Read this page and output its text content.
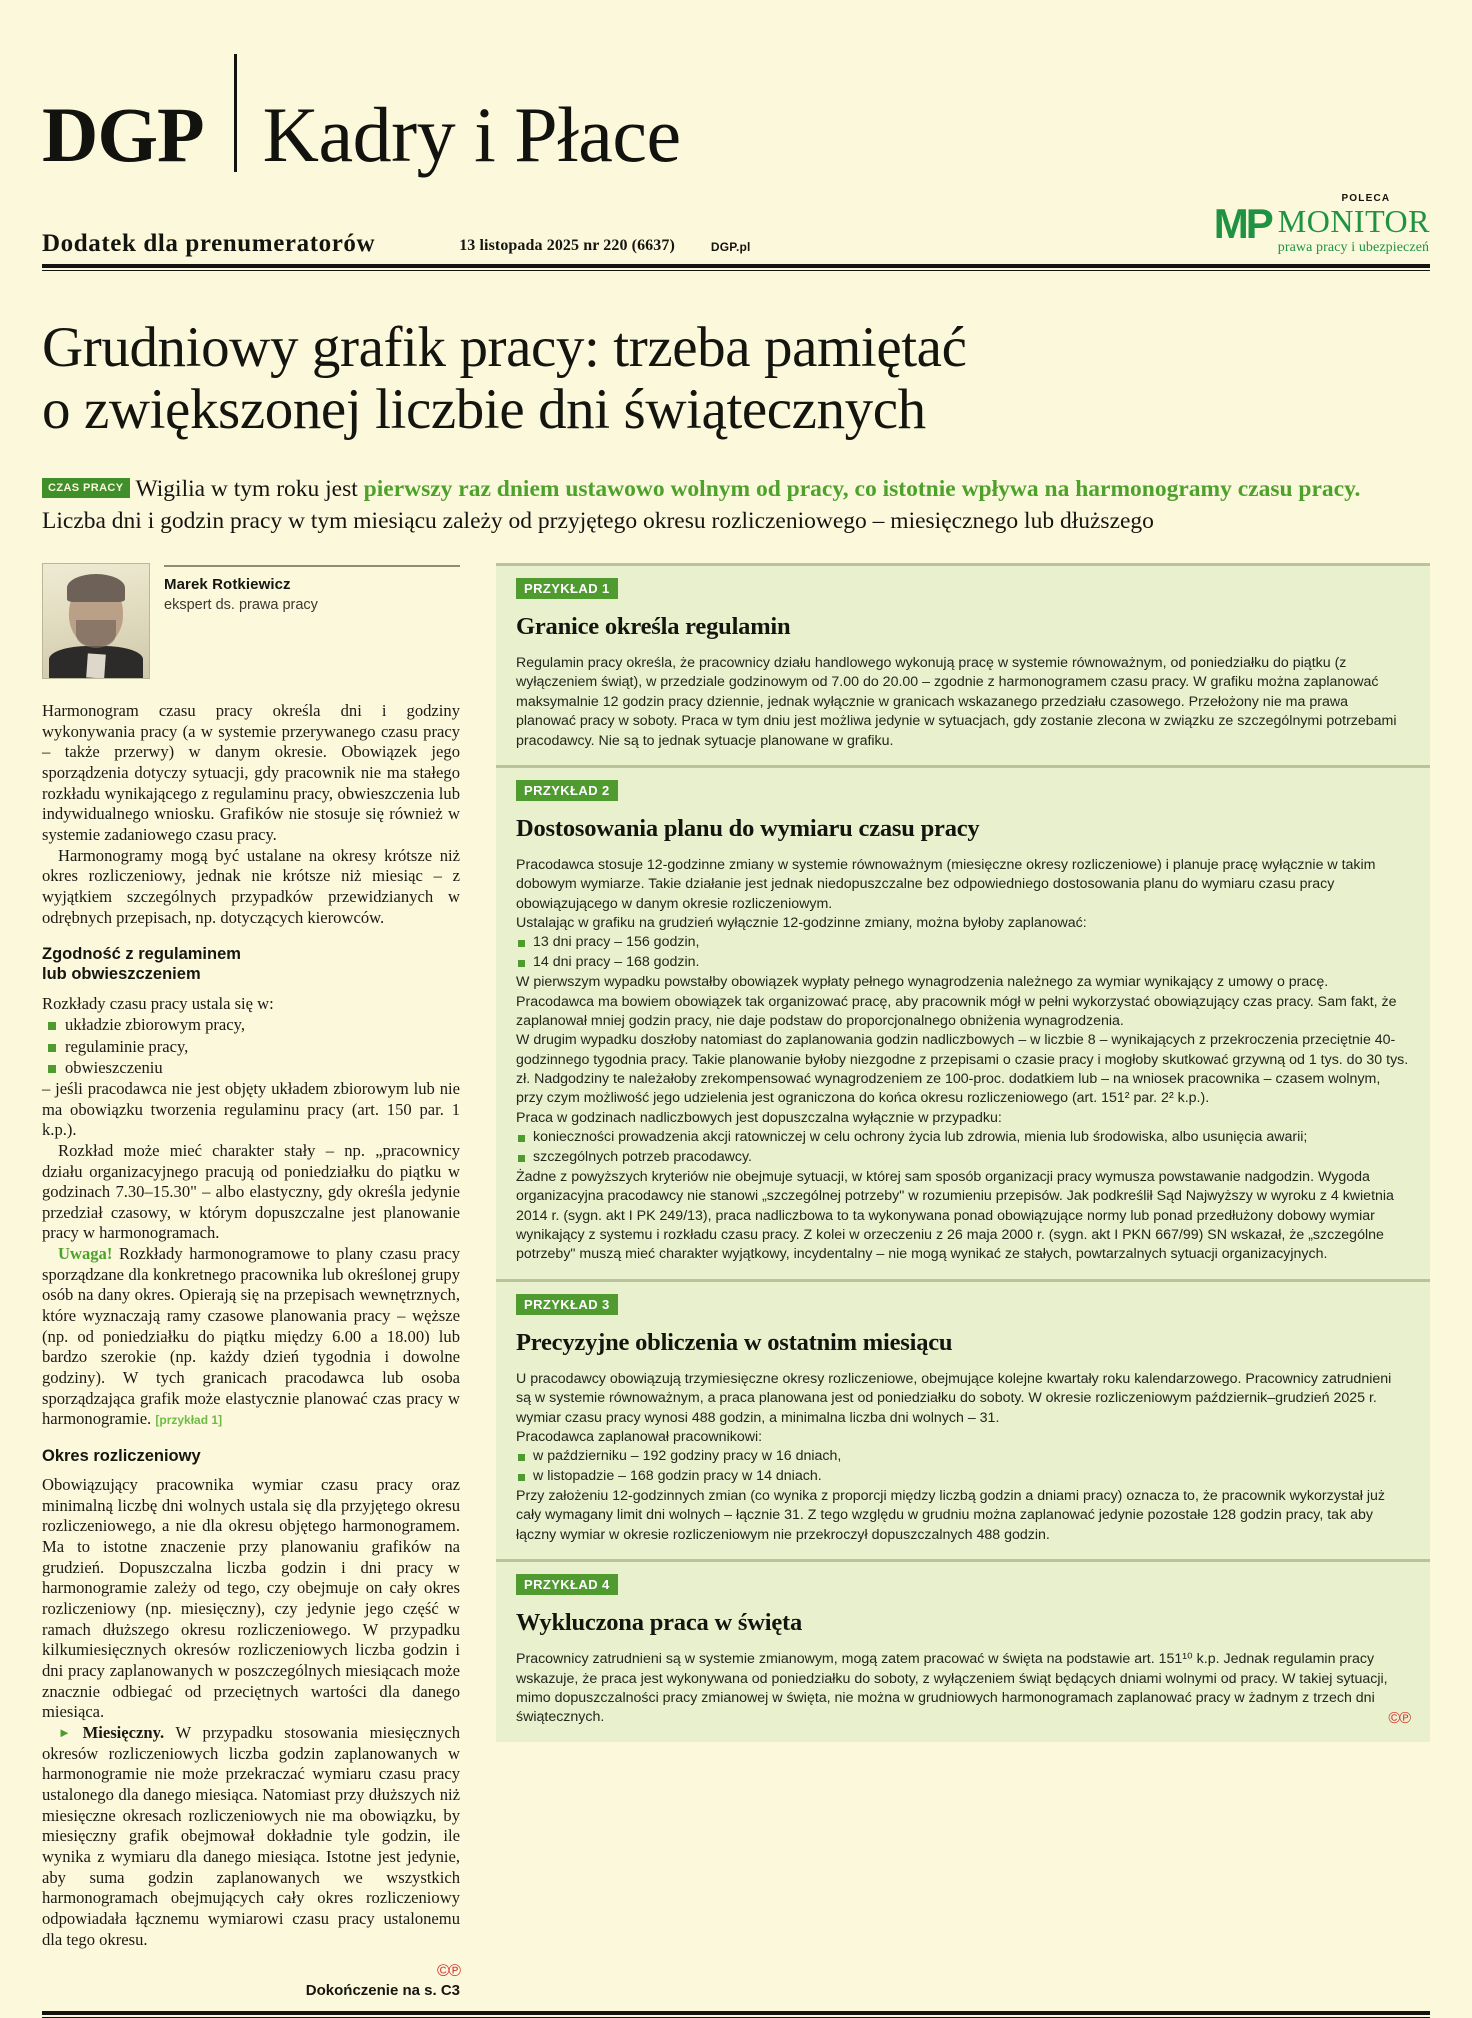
DGP Kadry i Płace
Dodatek dla prenumeratorów	13 listopada 2025 nr 220 (6637)	DGP.pl
POLECA
MP MONITOR
prawa pracy i ubezpieczeń
Grudniowy grafik pracy: trzeba pamiętać
o zwiększonej liczbie dni świątecznych
CZAS PRACY Wigilia w tym roku jest pierwszy raz dniem ustawowo wolnym od pracy, co istotnie wpływa na harmonogramy czasu pracy. Liczba dni i godzin pracy w tym miesiącu zależy od przyjętego okresu rozliczeniowego – miesięcznego lub dłuższego
Marek Rotkiewicz
ekspert ds. prawa pracy

Harmonogram czasu pracy określa dni i godziny wykonywania pracy (a w systemie przerywanego czasu pracy – także przerwy) w danym okresie. Obowiązek jego sporządzenia dotyczy sytuacji, gdy pracownik nie ma stałego rozkładu wynikającego z regulaminu pracy, obwieszczenia lub indywidualnego wniosku. Grafików nie stosuje się również w systemie zadaniowego czasu pracy.

Harmonogramy mogą być ustalane na okresy krótsze niż okres rozliczeniowy, jednak nie krótsze niż miesiąc – z wyjątkiem szczególnych przypadków przewidzianych w odrębnych przepisach, np. dotyczących kierowców.

Zgodność z regulaminem
lub obwieszczeniem

Rozkłady czasu pracy ustala się w:

układzie zbiorowym pracy,
regulaminie pracy,
obwieszczeniu

– jeśli pracodawca nie jest objęty układem zbiorowym lub nie ma obowiązku tworzenia regulaminu pracy (art. 150 par. 1 k.p.).

Rozkład może mieć charakter stały – np. „pracownicy działu organizacyjnego pracują od poniedziałku do piątku w godzinach 7.30–15.30" – albo elastyczny, gdy określa jedynie przedział czasowy, w którym dopuszczalne jest planowanie pracy w harmonogramach.

Uwaga! Rozkłady harmonogramowe to plany czasu pracy sporządzane dla konkretnego pracownika lub określonej grupy osób na dany okres. Opierają się na przepisach wewnętrznych, które wyznaczają ramy czasowe planowania pracy – węższe (np. od poniedziałku do piątku między 6.00 a 18.00) lub bardzo szerokie (np. każdy dzień tygodnia i dowolne godziny). W tych granicach pracodawca lub osoba sporządzająca grafik może elastycznie planować czas pracy w harmonogramie. [przykład 1]

Okres rozliczeniowy

Obowiązujący pracownika wymiar czasu pracy oraz minimalną liczbę dni wolnych ustala się dla przyjętego okresu rozliczeniowego, a nie dla okresu objętego harmonogramem. Ma to istotne znaczenie przy planowaniu grafików na grudzień. Dopuszczalna liczba godzin i dni pracy w harmonogramie zależy od tego, czy obejmuje on cały okres rozliczeniowy (np. miesięczny), czy jedynie jego część w ramach dłuższego okresu rozliczeniowego. W przypadku kilkumiesięcznych okresów rozliczeniowych liczba godzin i dni pracy zaplanowanych w poszczególnych miesiącach może znacznie odbiegać od przeciętnych wartości dla danego miesiąca.

► Miesięczny. W przypadku stosowania miesięcznych okresów rozliczeniowych liczba godzin zaplanowanych w harmonogramie nie może przekraczać wymiaru czasu pracy ustalonego dla danego miesiąca. Natomiast przy dłuższych niż miesięczne okresach rozliczeniowych nie ma obowiązku, by miesięczny grafik obejmował dokładnie tyle godzin, ile wynika z wymiaru dla danego miesiąca. Istotne jest jedynie, aby suma godzin zaplanowanych we wszystkich harmonogramach obejmujących cały okres rozliczeniowy odpowiadała łącznemu wymiarowi czasu pracy ustalonemu dla tego okresu.

©℗
Dokończenie na s. C3
PRZYKŁAD 1
Granice określa regulamin

Regulamin pracy określa, że pracownicy działu handlowego wykonują pracę w systemie równoważnym, od poniedziałku do piątku (z wyłączeniem świąt), w przedziale godzinowym od 7.00 do 20.00 – zgodnie z harmonogramem czasu pracy. W grafiku można zaplanować maksymalnie 12 godzin pracy dziennie, jednak wyłącznie w granicach wskazanego przedziału czasowego. Przełożony nie ma prawa planować pracy w soboty. Praca w tym dniu jest możliwa jedynie w sytuacjach, gdy zostanie zlecona w związku ze szczególnymi potrzebami pracodawcy. Nie są to jednak sytuacje planowane w grafiku.

PRZYKŁAD 2
Dostosowania planu do wymiaru czasu pracy

Pracodawca stosuje 12-godzinne zmiany w systemie równoważnym (miesięczne okresy rozliczeniowe) i planuje pracę wyłącznie w takim dobowym wymiarze. Takie działanie jest jednak niedopuszczalne bez odpowiedniego dostosowania planu do wymiaru czasu pracy obowiązującego w danym okresie rozliczeniowym.

Ustalając w grafiku na grudzień wyłącznie 12-godzinne zmiany, można byłoby zaplanować:

13 dni pracy – 156 godzin,
14 dni pracy – 168 godzin.

W pierwszym wypadku powstałby obowiązek wypłaty pełnego wynagrodzenia należnego za wymiar wynikający z umowy o pracę. Pracodawca ma bowiem obowiązek tak organizować pracę, aby pracownik mógł w pełni wykorzystać obowiązujący czas pracy. Sam fakt, że zaplanował mniej godzin pracy, nie daje podstaw do proporcjonalnego obniżenia wynagrodzenia.

W drugim wypadku doszłoby natomiast do zaplanowania godzin nadliczbowych – w liczbie 8 – wynikających z przekroczenia przeciętnie 40-godzinnego tygodnia pracy. Takie planowanie byłoby niezgodne z przepisami o czasie pracy i mogłoby skutkować grzywną od 1 tys. do 30 tys. zł. Nadgodziny te należałoby zrekompensować wynagrodzeniem ze 100-proc. dodatkiem lub – na wniosek pracownika – czasem wolnym, przy czym możliwość jego udzielenia jest ograniczona do końca okresu rozliczeniowego (art. 151² par. 2² k.p.).

Praca w godzinach nadliczbowych jest dopuszczalna wyłącznie w przypadku:

konieczności prowadzenia akcji ratowniczej w celu ochrony życia lub zdrowia, mienia lub środowiska, albo usunięcia awarii;
szczególnych potrzeb pracodawcy.

Żadne z powyższych kryteriów nie obejmuje sytuacji, w której sam sposób organizacji pracy wymusza powstawanie nadgodzin. Wygoda organizacyjna pracodawcy nie stanowi „szczególnej potrzeby" w rozumieniu przepisów. Jak podkreślił Sąd Najwyższy w wyroku z 4 kwietnia 2014 r. (sygn. akt I PK 249/13), praca nadliczbowa to ta wykonywana ponad obowiązujące normy lub ponad przedłużony dobowy wymiar wynikający z systemu i rozkładu czasu pracy. Z kolei w orzeczeniu z 26 maja 2000 r. (sygn. akt I PKN 667/99) SN wskazał, że „szczególne potrzeby" muszą mieć charakter wyjątkowy, incydentalny – nie mogą wynikać ze stałych, powtarzalnych sytuacji organizacyjnych.

PRZYKŁAD 3
Precyzyjne obliczenia w ostatnim miesiącu

U pracodawcy obowiązują trzymiesięczne okresy rozliczeniowe, obejmujące kolejne kwartały roku kalendarzowego. Pracownicy zatrudnieni są w systemie równoważnym, a praca planowana jest od poniedziałku do soboty. W okresie rozliczeniowym październik–grudzień 2025 r. wymiar czasu pracy wynosi 488 godzin, a minimalna liczba dni wolnych – 31.

Pracodawca zaplanował pracownikowi:

w październiku – 192 godziny pracy w 16 dniach,
w listopadzie – 168 godzin pracy w 14 dniach.

Przy założeniu 12-godzinnych zmian (co wynika z proporcji między liczbą godzin a dniami pracy) oznacza to, że pracownik wykorzystał już cały wymagany limit dni wolnych – łącznie 31. Z tego względu w grudniu można zaplanować jedynie pozostałe 128 godzin pracy, tak aby łączny wymiar w okresie rozliczeniowym nie przekroczył dopuszczalnych 488 godzin.

PRZYKŁAD 4
Wykluczona praca w święta

Pracownicy zatrudnieni są w systemie zmianowym, mogą zatem pracować w święta na podstawie art. 151¹⁰ k.p. Jednak regulamin pracy wskazuje, że praca jest wykonywana od poniedziałku do soboty, z wyłączeniem świąt będących dniami wolnymi od pracy. W takiej sytuacji, mimo dopuszczalności pracy zmianowej w święta, nie można w grudniowych harmonogramach zaplanować pracy w żadnym z trzech dni świątecznych.	©℗
